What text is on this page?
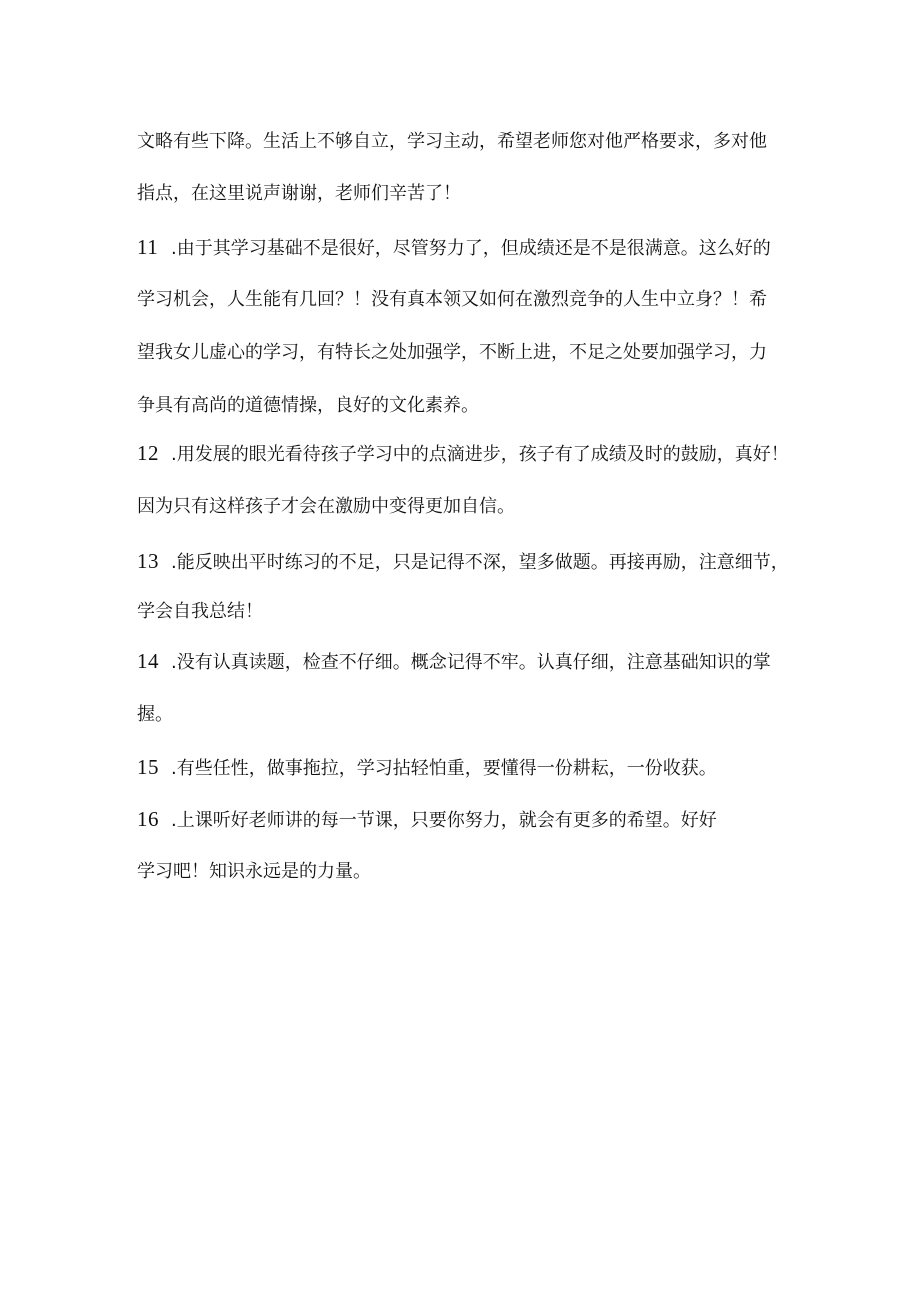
文略有些下降。生活上不够自立，学习主动，希望老师您对他严格要求，多对他
指点，在这里说声谢谢，老师们辛苦了！
11 .由于其学习基础不是很好，尽管努力了，但成绩还是不是很满意。这么好的
学习机会，人生能有几回？！没有真本领又如何在激烈竞争的人生中立身？！希
望我女儿虚心的学习，有特长之处加强学，不断上进，不足之处要加强学习，力
争具有高尚的道德情操，良好的文化素养。
12 .用发展的眼光看待孩子学习中的点滴进步，孩子有了成绩及时的鼓励，真好！
因为只有这样孩子才会在激励中变得更加自信。
13 .能反映出平时练习的不足，只是记得不深，望多做题。再接再励，注意细节，
学会自我总结！
14 .没有认真读题，检查不仔细。概念记得不牢。认真仔细，注意基础知识的掌
握。
15 .有些任性，做事拖拉，学习拈轻怕重，要懂得一份耕耘，一份收获。
16 .上课听好老师讲的每一节课，只要你努力，就会有更多的希望。好好
学习吧！知识永远是的力量。
